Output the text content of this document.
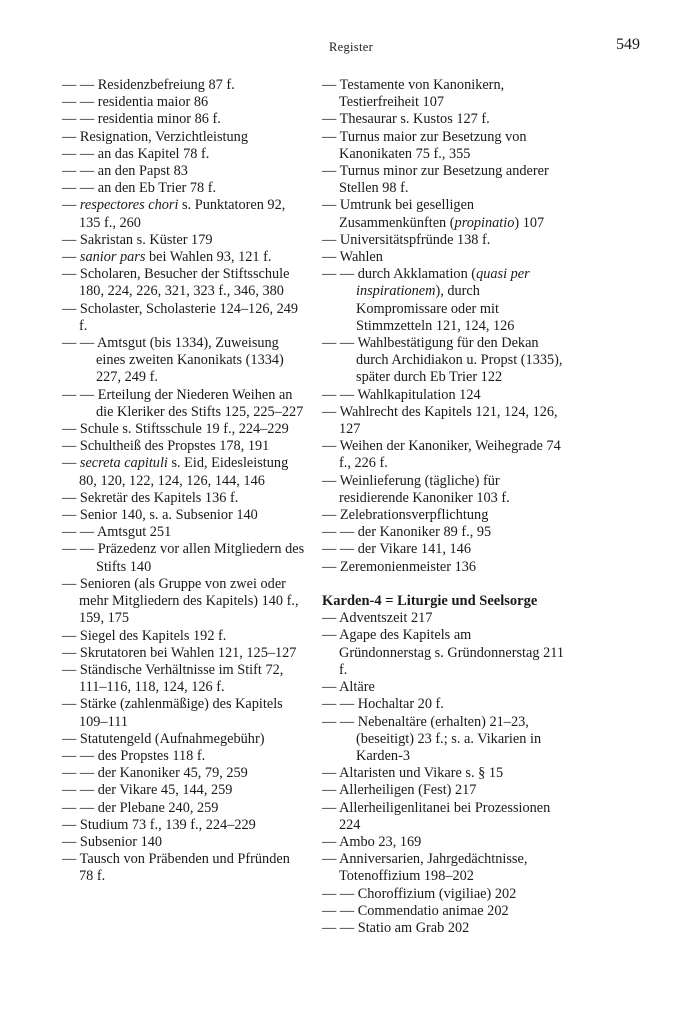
Register	549
— — Residenzbefreiung 87 f.
— — residentia maior 86
— — residentia minor 86 f.
— Resignation, Verzichtleistung
— — an das Kapitel 78 f.
— — an den Papst 83
— — an den Eb Trier 78 f.
— respectores chori s. Punktatoren 92, 135 f., 260
— Sakristan s. Küster 179
— sanior pars bei Wahlen 93, 121 f.
— Scholaren, Besucher der Stiftsschule 180, 224, 226, 321, 323 f., 346, 380
— Scholaster, Scholasterie 124–126, 249 f.
— — Amtsgut (bis 1334), Zuweisung eines zweiten Kanonikats (1334) 227, 249 f.
— — Erteilung der Niederen Weihen an die Kleriker des Stifts 125, 225–227
— Schule s. Stiftsschule 19 f., 224–229
— Schultheiß des Propstes 178, 191
— secreta capituli s. Eid, Eidesleistung 80, 120, 122, 124, 126, 144, 146
— Sekretär des Kapitels 136 f.
— Senior 140, s. a. Subsenior 140
— — Amtsgut 251
— — Präzedenz vor allen Mitgliedern des Stifts 140
— Senioren (als Gruppe von zwei oder mehr Mitgliedern des Kapitels) 140 f., 159, 175
— Siegel des Kapitels 192 f.
— Skrutatoren bei Wahlen 121, 125–127
— Ständische Verhältnisse im Stift 72, 111–116, 118, 124, 126 f.
— Stärke (zahlenmäßige) des Kapitels 109–111
— Statutengeld (Aufnahmegebühr)
— — des Propstes 118 f.
— — der Kanoniker 45, 79, 259
— — der Vikare 45, 144, 259
— — der Plebane 240, 259
— Studium 73 f., 139 f., 224–229
— Subsenior 140
— Tausch von Präbenden und Pfründen 78 f.
— Testamente von Kanonikern, Testierfreiheit 107
— Thesaurar s. Kustos 127 f.
— Turnus maior zur Besetzung von Kanonikaten 75 f., 355
— Turnus minor zur Besetzung anderer Stellen 98 f.
— Umtrunk bei geselligen Zusammenkünften (propinatio) 107
— Universitätspfründe 138 f.
— Wahlen
— — durch Akklamation (quasi per inspirationem), durch Kompromissare oder mit Stimmzetteln 121, 124, 126
— — Wahlbestätigung für den Dekan durch Archidiakon u. Propst (1335), später durch Eb Trier 122
— — Wahlkapitulation 124
— Wahlrecht des Kapitels 121, 124, 126, 127
— Weihen der Kanoniker, Weihegrade 74 f., 226 f.
— Weinlieferung (tägliche) für residierende Kanoniker 103 f.
— Zelebrationsverpflichtung
— — der Kanoniker 89 f., 95
— — der Vikare 141, 146
— Zeremonienmeister 136
Karden-4 = Liturgie und Seelsorge
— Adventszeit 217
— Agape des Kapitels am Gründonnerstag s. Gründonnerstag 211 f.
— Altäre
— — Hochaltar 20 f.
— — Nebenaltäre (erhalten) 21–23, (beseitigt) 23 f.; s. a. Vikarien in Karden-3
— Altaristen und Vikare s. § 15
— Allerheiligen (Fest) 217
— Allerheiligenlitanei bei Prozessionen 224
— Ambo 23, 169
— Anniversarien, Jahrgedächtnisse, Totenoffizium 198–202
— — Choroffizium (vigiliae) 202
— — Commendatio animae 202
— — Statio am Grab 202
